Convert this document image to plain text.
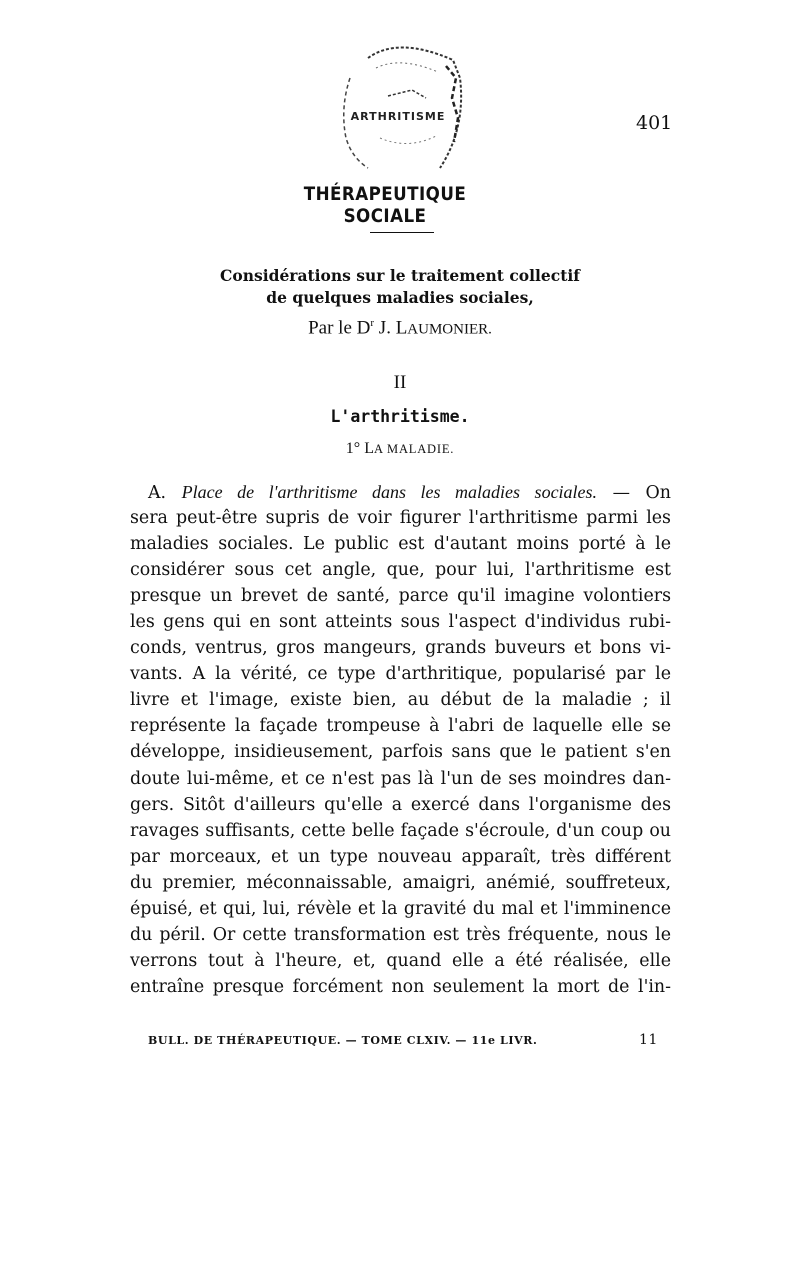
ARTHRITISME	401
THÉRAPEUTIQUE SOCIALE
Considérations sur le traitement collectif
de quelques maladies sociales,
Par le $D^r$ J. LAUMONIER.
II
L'arthritisme.
1° LA MALADIE.
A. Place de l'arthritisme dans les maladies sociales. — On
sera peut-être supris de voir figurer l'arthritisme parmi les
maladies sociales. Le public est d'autant moins porté à le
considérer sous cet angle, que, pour lui, l'arthritisme est
presque un brevet de santé, parce qu'il imagine volontiers
les gens qui en sont atteints sous l'aspect d'individus rubi-
conds, ventrus, gros mangeurs, grands buveurs et bons vi-
vants. A la vérité, ce type d'arthritique, popularisé par le
livre et l'image, existe bien, au début de la maladie ; il
représente la façade trompeuse à l'abri de laquelle elle se
développe, insidieusement, parfois sans que le patient s'en
doute lui-même, et ce n'est pas là l'un de ses moindres dan-
gers. Sitôt d'ailleurs qu'elle a exercé dans l'organisme des
ravages suffisants, cette belle façade s'écroule, d'un coup ou
par morceaux, et un type nouveau apparaît, très différent
du premier, méconnaissable, amaigri, anémié, souffreteux,
épuisé, et qui, lui, révèle et la gravité du mal et l'imminence
du péril. Or cette transformation est très fréquente, nous le
verrons tout à l'heure, et, quand elle a été réalisée, elle
entraîne presque forcément non seulement la mort de l'in-
BULL. DE THÉRAPEUTIQUE. — TOME CLXIV. — 11e LIVR.	11
